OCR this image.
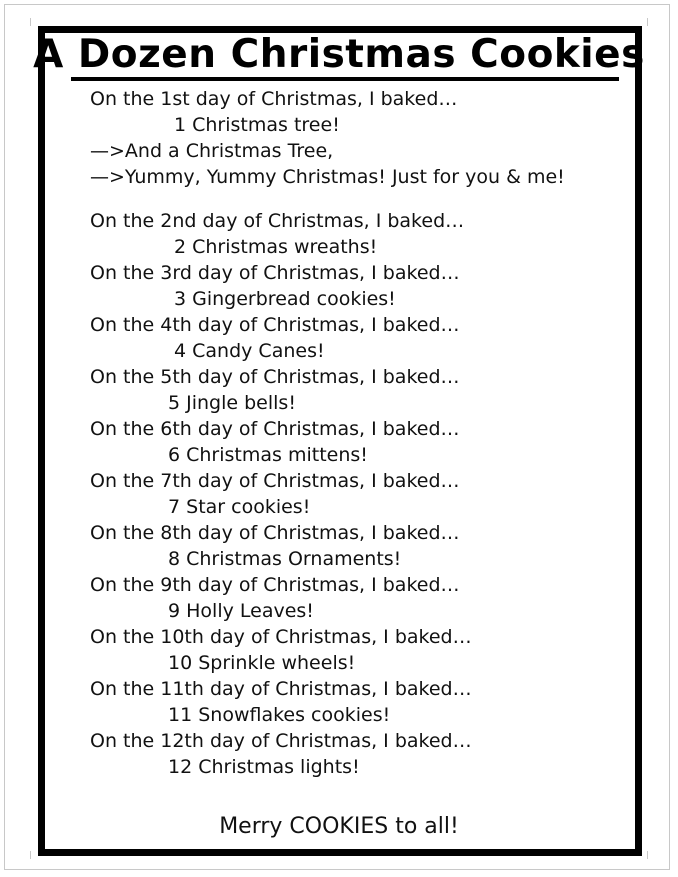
A Dozen Christmas Cookies
On the 1st day of Christmas, I baked…
1 Christmas tree!
—>And a Christmas Tree,
—>Yummy, Yummy Christmas! Just for you & me!
On the 2nd day of Christmas, I baked…
2 Christmas wreaths!
On the 3rd day of Christmas, I baked…
3 Gingerbread cookies!
On the 4th day of Christmas, I baked…
4 Candy Canes!
On the 5th day of Christmas, I baked…
5 Jingle bells!
On the 6th day of Christmas, I baked…
6 Christmas mittens!
On the 7th day of Christmas, I baked…
7 Star cookies!
On the 8th day of Christmas, I baked…
8 Christmas Ornaments!
On the 9th day of Christmas, I baked…
9 Holly Leaves!
On the 10th day of Christmas, I baked…
10 Sprinkle wheels!
On the 11th day of Christmas, I baked…
11 Snowflakes cookies!
On the 12th day of Christmas, I baked…
12 Christmas lights!
Merry COOKIES to all!
